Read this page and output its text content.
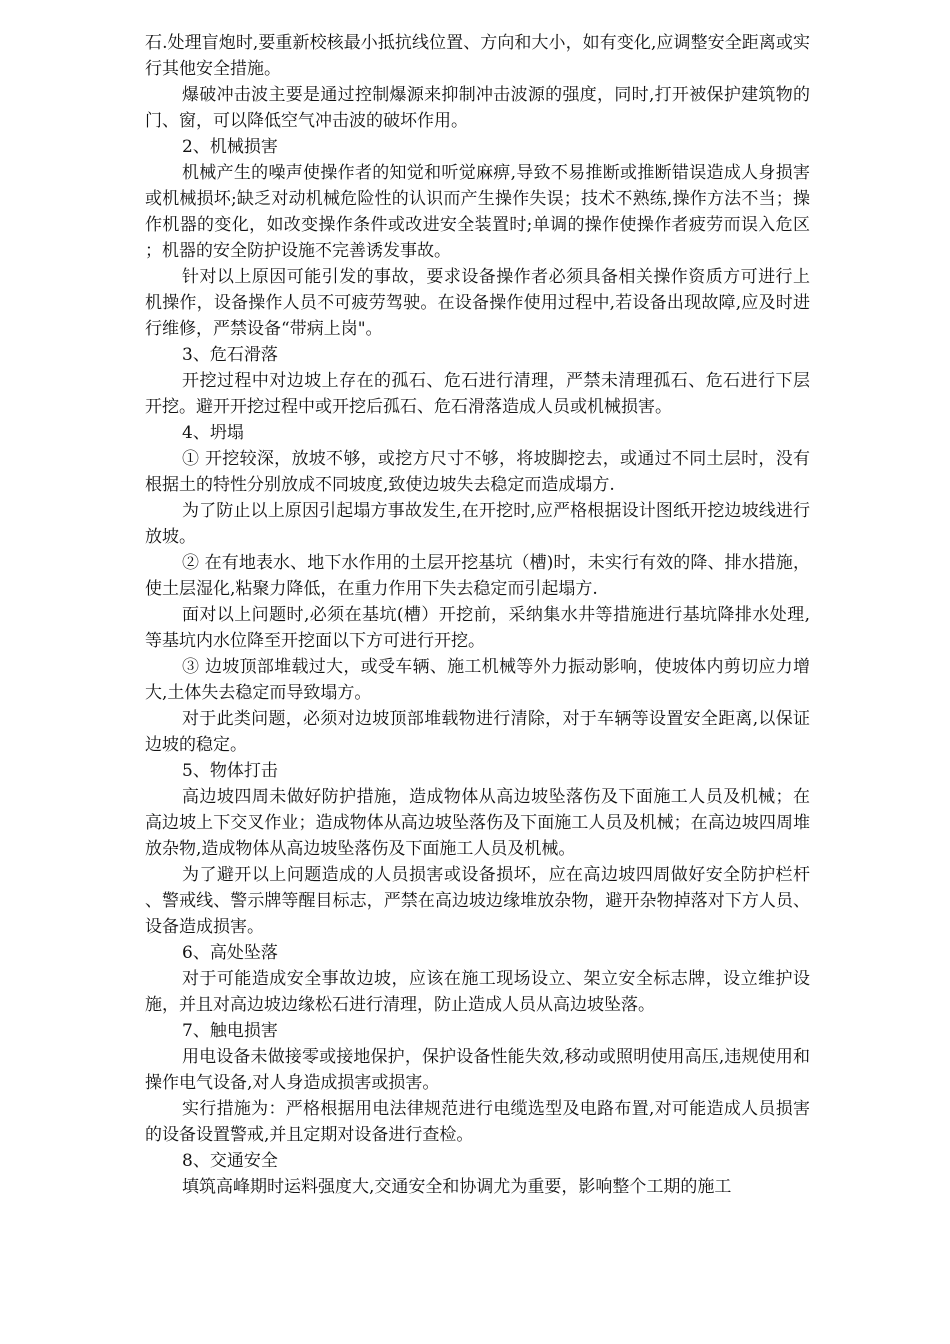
石.处理盲炮时,要重新校核最小抵抗线位置、方向和大小，如有变化,应调整安全距离或实行其他安全措施。

爆破冲击波主要是通过控制爆源来抑制冲击波源的强度，同时,打开被保护建筑物的门、窗，可以降低空气冲击波的破坏作用。

2、机械损害

机械产生的噪声使操作者的知觉和听觉麻痹,导致不易推断或推断错误造成人身损害或机械损坏;缺乏对动机械危险性的认识而产生操作失误；技术不熟练,操作方法不当；操作机器的变化，如改变操作条件或改进安全装置时;单调的操作使操作者疲劳而误入危区；机器的安全防护设施不完善诱发事故。

针对以上原因可能引发的事故，要求设备操作者必须具备相关操作资质方可进行上机操作，设备操作人员不可疲劳驾驶。在设备操作使用过程中,若设备出现故障,应及时进行维修，严禁设备“带病上岗"。

3、危石滑落

开挖过程中对边坡上存在的孤石、危石进行清理，严禁未清理孤石、危石进行下层开挖。避开开挖过程中或开挖后孤石、危石滑落造成人员或机械损害。

4、坍塌

① 开挖较深，放坡不够，或挖方尺寸不够，将坡脚挖去，或通过不同土层时，没有根据土的特性分别放成不同坡度,致使边坡失去稳定而造成塌方.

为了防止以上原因引起塌方事故发生,在开挖时,应严格根据设计图纸开挖边坡线进行放坡。

② 在有地表水、地下水作用的土层开挖基坑（槽)时，未实行有效的降、排水措施，使土层湿化,粘聚力降低，在重力作用下失去稳定而引起塌方.

面对以上问题时,必须在基坑(槽）开挖前，采纳集水井等措施进行基坑降排水处理,等基坑内水位降至开挖面以下方可进行开挖。

③ 边坡顶部堆载过大，或受车辆、施工机械等外力振动影响，使坡体内剪切应力增大,土体失去稳定而导致塌方。

对于此类问题，必须对边坡顶部堆载物进行清除，对于车辆等设置安全距离,以保证边坡的稳定。

5、物体打击

高边坡四周未做好防护措施，造成物体从高边坡坠落伤及下面施工人员及机械；在高边坡上下交叉作业；造成物体从高边坡坠落伤及下面施工人员及机械；在高边坡四周堆放杂物,造成物体从高边坡坠落伤及下面施工人员及机械。

为了避开以上问题造成的人员损害或设备损坏，应在高边坡四周做好安全防护栏杆、警戒线、警示牌等醒目标志，严禁在高边坡边缘堆放杂物，避开杂物掉落对下方人员、设备造成损害。

6、高处坠落

对于可能造成安全事故边坡，应该在施工现场设立、架立安全标志牌，设立维护设施，并且对高边坡边缘松石进行清理，防止造成人员从高边坡坠落。

7、触电损害

用电设备未做接零或接地保护，保护设备性能失效,移动或照明使用高压,违规使用和操作电气设备,对人身造成损害或损害。

实行措施为：严格根据用电法律规范进行电缆选型及电路布置,对可能造成人员损害的设备设置警戒,并且定期对设备进行查检。

8、交通安全

填筑高峰期时运料强度大,交通安全和协调尤为重要，影响整个工期的施工
